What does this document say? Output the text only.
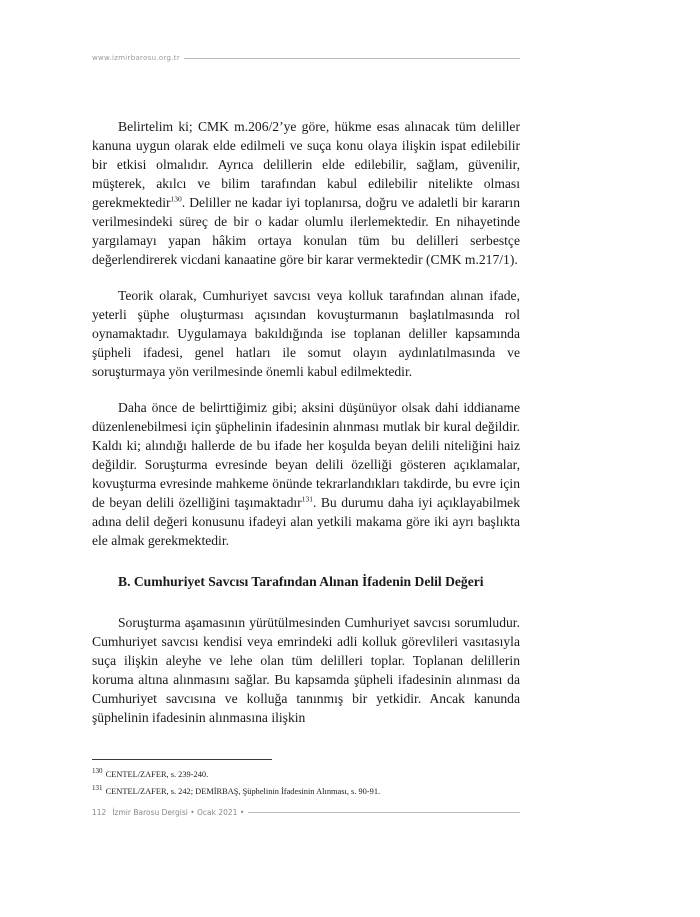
www.izmirbarosu.org.tr

Belirtelim ki; CMK m.206/2’ye göre, hükme esas alınacak tüm deliller kanuna uygun olarak elde edilmeli ve suça konu olaya ilişkin ispat edilebilir bir etkisi olmalıdır. Ayrıca delillerin elde edilebilir, sağlam, güvenilir, müşterek, akılcı ve bilim tarafından kabul edilebilir nitelikte olması gerekmektedir$^{130}$. Deliller ne kadar iyi toplanırsa, doğru ve adaletli bir kararın verilmesindeki süreç de bir o kadar olumlu ilerlemektedir. En nihayetinde yargılamayı yapan hâkim ortaya konulan tüm bu delilleri serbestçe değerlendirerek vicdani kanaatine göre bir karar vermektedir (CMK m.217/1).

Teorik olarak, Cumhuriyet savcısı veya kolluk tarafından alınan ifade, yeterli şüphe oluşturması açısından kovuşturmanın başlatılmasında rol oynamaktadır. Uygulamaya bakıldığında ise toplanan deliller kapsamında şüpheli ifadesi, genel hatları ile somut olayın aydınlatılmasında ve soruşturmaya yön verilmesinde önemli kabul edilmektedir.

Daha önce de belirttiğimiz gibi; aksini düşünüyor olsak dahi iddianame düzenlenebilmesi için şüphelinin ifadesinin alınması mutlak bir kural değildir. Kaldı ki; alındığı hallerde de bu ifade her koşulda beyan delili niteliğini haiz değildir. Soruşturma evresinde beyan delili özelliği gösteren açıklamalar, kovuşturma evresinde mahkeme önünde tekrarlandıkları takdirde, bu evre için de beyan delili özelliğini taşımaktadır$^{131}$. Bu durumu daha iyi açıklayabilmek adına delil değeri konusunu ifadeyi alan yetkili makama göre iki ayrı başlıkta ele almak gerekmektedir.

B. Cumhuriyet Savcısı Tarafından Alınan İfadenin Delil Değeri

Soruşturma aşamasının yürütülmesinden Cumhuriyet savcısı sorumludur. Cumhuriyet savcısı kendisi veya emrindeki adli kolluk görevlileri vasıtasıyla suça ilişkin aleyhe ve lehe olan tüm delilleri toplar. Toplanan delillerin koruma altına alınmasını sağlar. Bu kapsamda şüpheli ifadesinin alınması da Cumhuriyet savcısına ve kolluğa tanınmış bir yetkidir. Ancak kanunda şüphelinin ifadesinin alınmasına ilişkin

$^{130}$ CENTEL/ZAFER, s. 239-240.
$^{131}$ CENTEL/ZAFER, s. 242; DEMİRBAŞ, Şüphelinin İfadesinin Alınması, s. 90-91.
112 İzmir Barosu Dergisi • Ocak 2021 •
